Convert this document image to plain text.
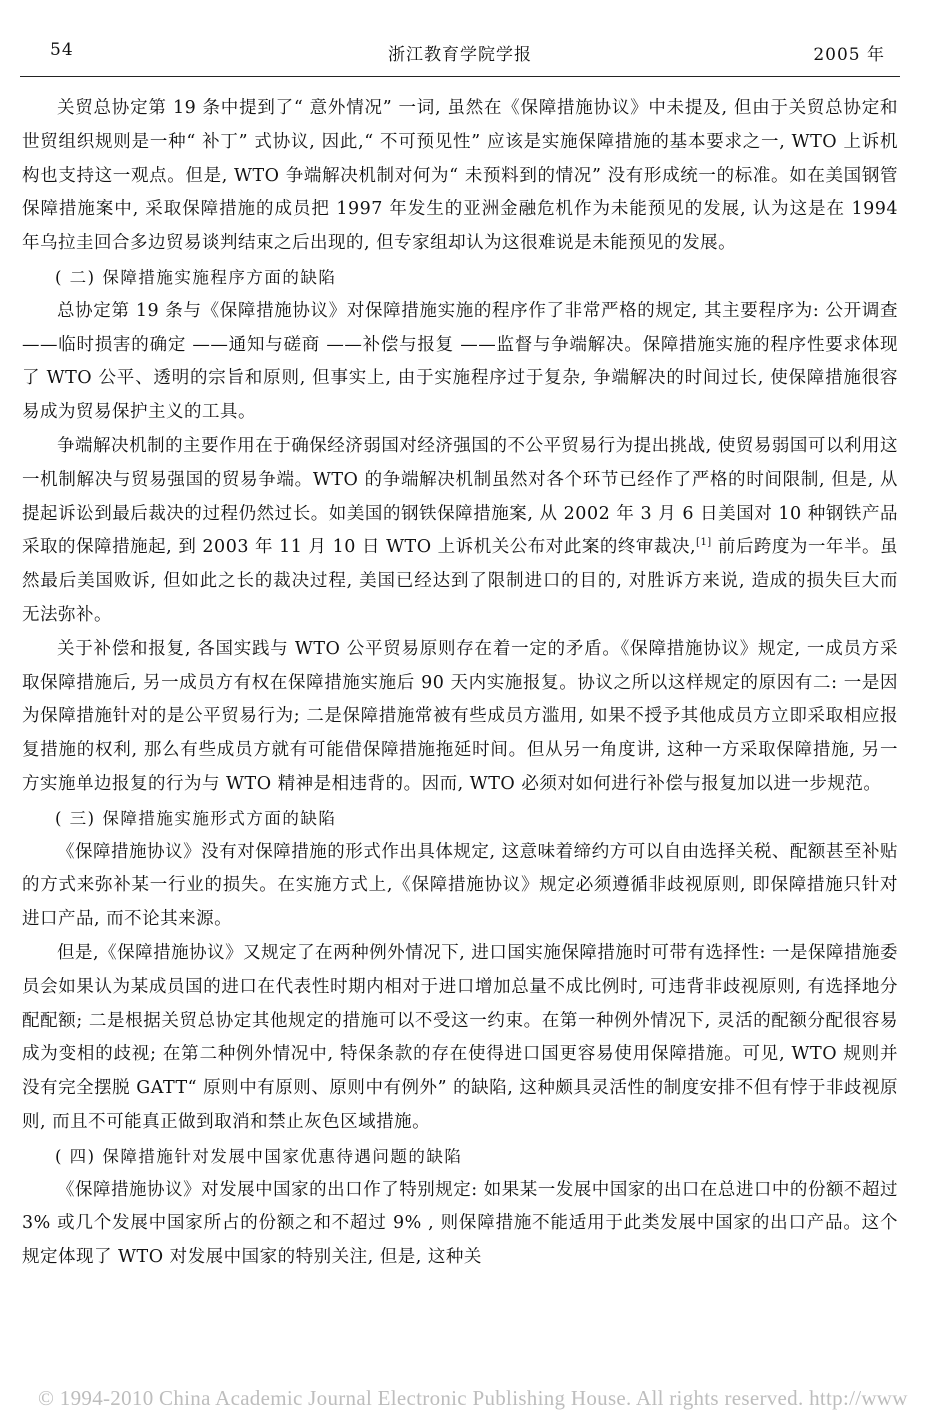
54	浙江教育学院学报	2005 年

关贸总协定第 19 条中提到了“ 意外情况” 一词, 虽然在《保障措施协议》中未提及, 但由于关贸总协定和世贸组织规则是一种“ 补丁” 式协议, 因此,“ 不可预见性” 应该是实施保障措施的基本要求之一, WTO 上诉机构也支持这一观点。但是, WTO 争端解决机制对何为“ 未预料到的情况” 没有形成统一的标准。如在美国钢管保障措施案中, 采取保障措施的成员把 1997 年发生的亚洲金融危机作为未能预见的发展, 认为这是在 1994 年乌拉圭回合多边贸易谈判结束之后出现的, 但专家组却认为这很难说是未能预见的发展。

( 二) 保障措施实施程序方面的缺陷

总协定第 19 条与《保障措施协议》对保障措施实施的程序作了非常严格的规定, 其主要程序为: 公开调查 ——临时损害的确定 ——通知与磋商 ——补偿与报复 ——监督与争端解决。保障措施实施的程序性要求体现了 WTO 公平、透明的宗旨和原则, 但事实上, 由于实施程序过于复杂, 争端解决的时间过长, 使保障措施很容易成为贸易保护主义的工具。

争端解决机制的主要作用在于确保经济弱国对经济强国的不公平贸易行为提出挑战, 使贸易弱国可以利用这一机制解决与贸易强国的贸易争端。WTO 的争端解决机制虽然对各个环节已经作了严格的时间限制, 但是, 从提起诉讼到最后裁决的过程仍然过长。如美国的钢铁保障措施案, 从 2002 年 3 月 6 日美国对 10 种钢铁产品采取的保障措施起, 到 2003 年 11 月 10 日 WTO 上诉机关公布对此案的终审裁决,[1] 前后跨度为一年半。虽然最后美国败诉, 但如此之长的裁决过程, 美国已经达到了限制进口的目的, 对胜诉方来说, 造成的损失巨大而无法弥补。

关于补偿和报复, 各国实践与 WTO 公平贸易原则存在着一定的矛盾。《保障措施协议》规定, 一成员方采取保障措施后, 另一成员方有权在保障措施实施后 90 天内实施报复。协议之所以这样规定的原因有二: 一是因为保障措施针对的是公平贸易行为; 二是保障措施常被有些成员方滥用, 如果不授予其他成员方立即采取相应报复措施的权利, 那么有些成员方就有可能借保障措施拖延时间。但从另一角度讲, 这种一方采取保障措施, 另一方实施单边报复的行为与 WTO 精神是相违背的。因而, WTO 必须对如何进行补偿与报复加以进一步规范。

( 三) 保障措施实施形式方面的缺陷

《保障措施协议》没有对保障措施的形式作出具体规定, 这意味着缔约方可以自由选择关税、配额甚至补贴的方式来弥补某一行业的损失。在实施方式上,《保障措施协议》规定必须遵循非歧视原则, 即保障措施只针对进口产品, 而不论其来源。

但是,《保障措施协议》又规定了在两种例外情况下, 进口国实施保障措施时可带有选择性: 一是保障措施委员会如果认为某成员国的进口在代表性时期内相对于进口增加总量不成比例时, 可违背非歧视原则, 有选择地分配配额; 二是根据关贸总协定其他规定的措施可以不受这一约束。在第一种例外情况下, 灵活的配额分配很容易成为变相的歧视; 在第二种例外情况中, 特保条款的存在使得进口国更容易使用保障措施。可见, WTO 规则并没有完全摆脱 GATT“ 原则中有原则、原则中有例外” 的缺陷, 这种颇具灵活性的制度安排不但有悖于非歧视原则, 而且不可能真正做到取消和禁止灰色区域措施。

( 四) 保障措施针对发展中国家优惠待遇问题的缺陷

《保障措施协议》对发展中国家的出口作了特别规定: 如果某一发展中国家的出口在总进口中的份额不超过 3% 或几个发展中国家所占的份额之和不超过 9% , 则保障措施不能适用于此类发展中国家的出口产品。这个规定体现了 WTO 对发展中国家的特别关注, 但是, 这种关

© 1994-2010 China Academic Journal Electronic Publishing House. All rights reserved. http://www
